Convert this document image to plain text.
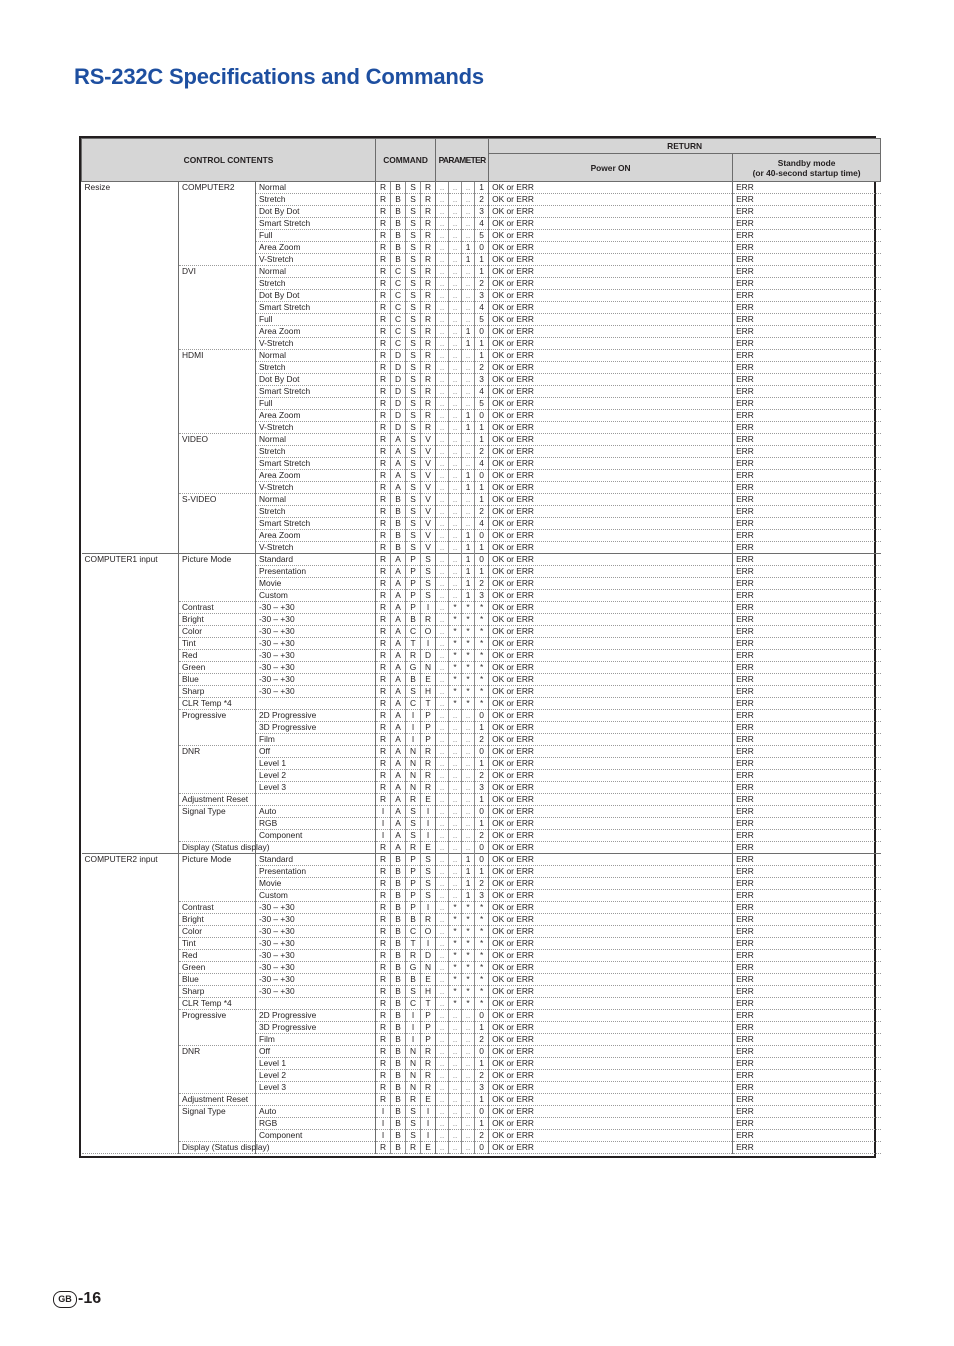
RS-232C Specifications and Commands
CONTROL CONTENTS			COMMAND				PARAMETER				RETURN	
											Power ON	Standby mode
(or 40-second startup time)

Resize	COMPUTER2	Normal	R	B	S	R	..	..	..	1	OK or ERR	ERR
		Stretch	R	B	S	R	..	..	..	2	OK or ERR	ERR
		Dot By Dot	R	B	S	R	..	..	..	3	OK or ERR	ERR
		Smart Stretch	R	B	S	R	..	..	..	4	OK or ERR	ERR
		Full	R	B	S	R	..	..	..	5	OK or ERR	ERR
		Area Zoom	R	B	S	R	..	..	1	0	OK or ERR	ERR
		V-Stretch	R	B	S	R	..	..	1	1	OK or ERR	ERR
	DVI	Normal	R	C	S	R	..	..	..	1	OK or ERR	ERR
		Stretch	R	C	S	R	..	..	..	2	OK or ERR	ERR
		Dot By Dot	R	C	S	R	..	..	..	3	OK or ERR	ERR
		Smart Stretch	R	C	S	R	..	..	..	4	OK or ERR	ERR
		Full	R	C	S	R	..	..	..	5	OK or ERR	ERR
		Area Zoom	R	C	S	R	..	..	1	0	OK or ERR	ERR
		V-Stretch	R	C	S	R	..	..	1	1	OK or ERR	ERR
	HDMI	Normal	R	D	S	R	..	..	..	1	OK or ERR	ERR
		Stretch	R	D	S	R	..	..	..	2	OK or ERR	ERR
		Dot By Dot	R	D	S	R	..	..	..	3	OK or ERR	ERR
		Smart Stretch	R	D	S	R	..	..	..	4	OK or ERR	ERR
		Full	R	D	S	R	..	..	..	5	OK or ERR	ERR
		Area Zoom	R	D	S	R	..	..	1	0	OK or ERR	ERR
		V-Stretch	R	D	S	R	..	..	1	1	OK or ERR	ERR
	VIDEO	Normal	R	A	S	V	..	..	..	1	OK or ERR	ERR
		Stretch	R	A	S	V	..	..	..	2	OK or ERR	ERR
		Smart Stretch	R	A	S	V	..	..	..	4	OK or ERR	ERR
		Area Zoom	R	A	S	V	..	..	1	0	OK or ERR	ERR
		V-Stretch	R	A	S	V	..	..	1	1	OK or ERR	ERR
	S-VIDEO	Normal	R	B	S	V	..	..	..	1	OK or ERR	ERR
		Stretch	R	B	S	V	..	..	..	2	OK or ERR	ERR
		Smart Stretch	R	B	S	V	..	..	..	4	OK or ERR	ERR
		Area Zoom	R	B	S	V	..	..	1	0	OK or ERR	ERR
		V-Stretch	R	B	S	V	..	..	1	1	OK or ERR	ERR
COMPUTER1 input	Picture Mode	Standard	R	A	P	S	..	..	1	0	OK or ERR	ERR
		Presentation	R	A	P	S	..	..	1	1	OK or ERR	ERR
		Movie	R	A	P	S	..	..	1	2	OK or ERR	ERR
		Custom	R	A	P	S	..	..	1	3	OK or ERR	ERR
	Contrast	-30 – +30	R	A	P	I	..	*	*	*	OK or ERR	ERR
	Bright	-30 – +30	R	A	B	R	..	*	*	*	OK or ERR	ERR
	Color	-30 – +30	R	A	C	O	..	*	*	*	OK or ERR	ERR
	Tint	-30 – +30	R	A	T	I	..	*	*	*	OK or ERR	ERR
	Red	-30 – +30	R	A	R	D	..	*	*	*	OK or ERR	ERR
	Green	-30 – +30	R	A	G	N	..	*	*	*	OK or ERR	ERR
	Blue	-30 – +30	R	A	B	E	..	*	*	*	OK or ERR	ERR
	Sharp	-30 – +30	R	A	S	H	..	*	*	*	OK or ERR	ERR
	CLR Temp *4		R	A	C	T	..	*	*	*	OK or ERR	ERR
	Progressive	2D Progressive	R	A	I	P	..	..	..	0	OK or ERR	ERR
		3D Progressive	R	A	I	P	..	..	..	1	OK or ERR	ERR
		Film	R	A	I	P	..	..	..	2	OK or ERR	ERR
	DNR	Off	R	A	N	R	..	..	..	0	OK or ERR	ERR
		Level 1	R	A	N	R	..	..	..	1	OK or ERR	ERR
		Level 2	R	A	N	R	..	..	..	2	OK or ERR	ERR
		Level 3	R	A	N	R	..	..	..	3	OK or ERR	ERR
	Adjustment Reset		R	A	R	E	..	..	..	1	OK or ERR	ERR
	Signal Type	Auto	I	A	S	I	..	..	..	0	OK or ERR	ERR
		RGB	I	A	S	I	..	..	..	1	OK or ERR	ERR
		Component	I	A	S	I	..	..	..	2	OK or ERR	ERR
	Display (Status display)		R	A	R	E	..	..	..	0	OK or ERR	ERR
COMPUTER2 input	Picture Mode	Standard	R	B	P	S	..	..	1	0	OK or ERR	ERR
		Presentation	R	B	P	S	..	..	1	1	OK or ERR	ERR
		Movie	R	B	P	S	..	..	1	2	OK or ERR	ERR
		Custom	R	B	P	S	..	..	1	3	OK or ERR	ERR
	Contrast	-30 – +30	R	B	P	I	..	*	*	*	OK or ERR	ERR
	Bright	-30 – +30	R	B	B	R	..	*	*	*	OK or ERR	ERR
	Color	-30 – +30	R	B	C	O	..	*	*	*	OK or ERR	ERR
	Tint	-30 – +30	R	B	T	I	..	*	*	*	OK or ERR	ERR
	Red	-30 – +30	R	B	R	D	..	*	*	*	OK or ERR	ERR
	Green	-30 – +30	R	B	G	N	..	*	*	*	OK or ERR	ERR
	Blue	-30 – +30	R	B	B	E	..	*	*	*	OK or ERR	ERR
	Sharp	-30 – +30	R	B	S	H	..	*	*	*	OK or ERR	ERR
	CLR Temp *4		R	B	C	T	..	*	*	*	OK or ERR	ERR
	Progressive	2D Progressive	R	B	I	P	..	..	..	0	OK or ERR	ERR
		3D Progressive	R	B	I	P	..	..	..	1	OK or ERR	ERR
		Film	R	B	I	P	..	..	..	2	OK or ERR	ERR
	DNR	Off	R	B	N	R	..	..	..	0	OK or ERR	ERR
		Level 1	R	B	N	R	..	..	..	1	OK or ERR	ERR
		Level 2	R	B	N	R	..	..	..	2	OK or ERR	ERR
		Level 3	R	B	N	R	..	..	..	3	OK or ERR	ERR
	Adjustment Reset		R	B	R	E	..	..	..	1	OK or ERR	ERR
	Signal Type	Auto	I	B	S	I	..	..	..	0	OK or ERR	ERR
		RGB	I	B	S	I	..	..	..	1	OK or ERR	ERR
		Component	I	B	S	I	..	..	..	2	OK or ERR	ERR
	Display (Status display)		R	B	R	E	..	..	..	0	OK or ERR	ERR
GB -16
